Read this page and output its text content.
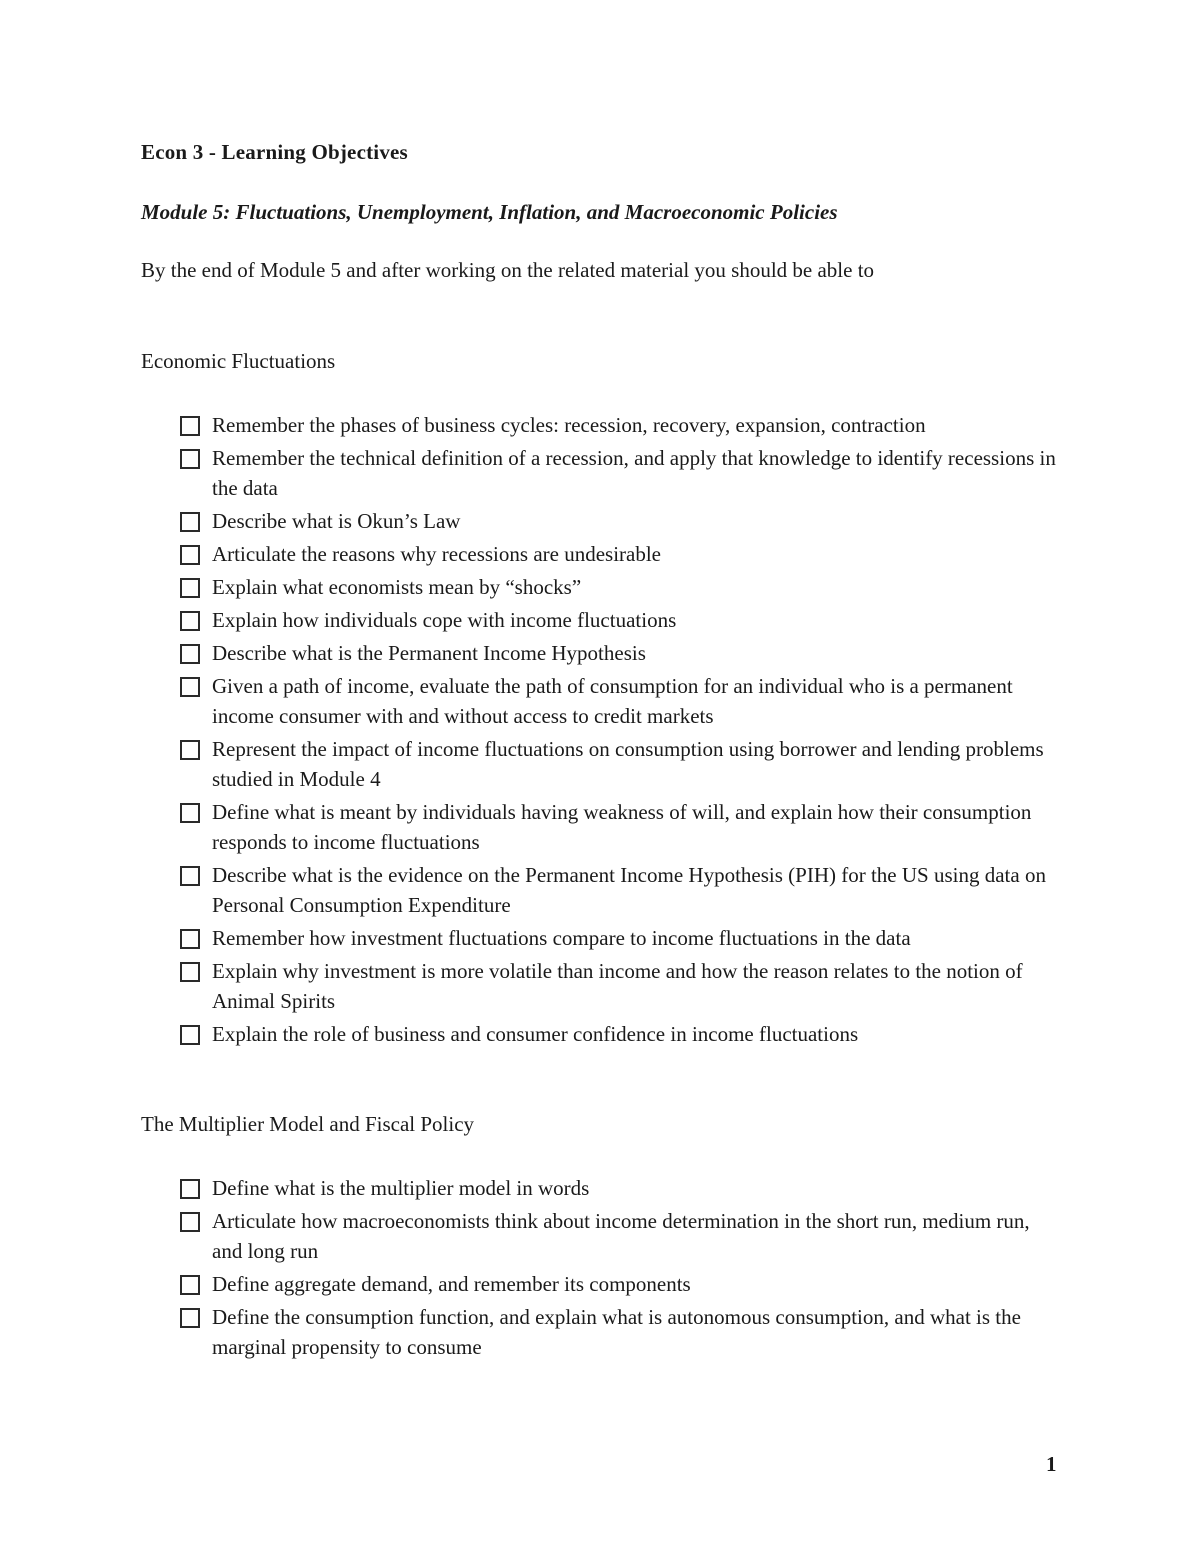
Econ 3 - Learning Objectives
Module 5: Fluctuations, Unemployment, Inflation, and Macroeconomic Policies
By the end of Module 5 and after working on the related material you should be able to
Economic Fluctuations
Remember the phases of business cycles: recession, recovery, expansion, contraction
Remember the technical definition of a recession, and apply that knowledge to identify recessions in the data
Describe what is Okun’s Law
Articulate the reasons why recessions are undesirable
Explain what economists mean by “shocks”
Explain how individuals cope with income fluctuations
Describe what is the Permanent Income Hypothesis
Given a path of income, evaluate the path of consumption for an individual who is a permanent income consumer with and without access to credit markets
Represent the impact of income fluctuations on consumption using borrower and lending problems studied in Module 4
Define what is meant by individuals having weakness of will, and explain how their consumption responds to income fluctuations
Describe what is the evidence on the Permanent Income Hypothesis (PIH) for the US using data on Personal Consumption Expenditure
Remember how investment fluctuations compare to income fluctuations in the data
Explain why investment is more volatile than income and how the reason relates to the notion of Animal Spirits
Explain the role of business and consumer confidence in income fluctuations
The Multiplier Model and Fiscal Policy
Define what is the multiplier model in words
Articulate how macroeconomists think about income determination in the short run, medium run, and long run
Define aggregate demand, and remember its components
Define the consumption function, and explain what is autonomous consumption, and what is the marginal propensity to consume
1
